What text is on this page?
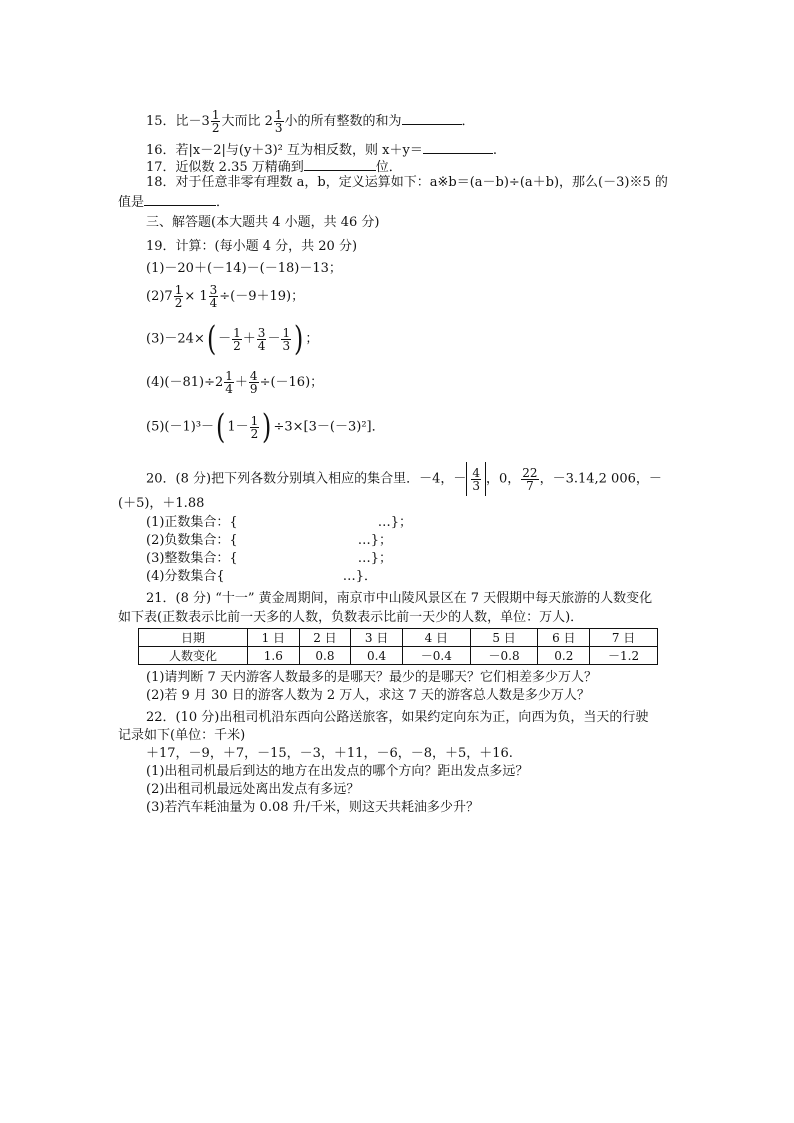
15．比$-3 \frac{1}{2}$ 大而比 $2 \frac{1}{3}$ 小的所有整数的和为	．
16．若|x－2|与(y＋3)² 互为相反数，则 x＋y＝	.
17．近似数 2.35 万精确到	位．
18．对于任意非零有理数 a，b，定义运算如下：a※b＝(a－b)÷(a＋b)，那么(－3)※5 的
值是	．
三、解答题(本大题共 4 小题，共 46 分)
19．计算：(每小题 4 分，共 20 分)
(1)－20＋(－14)－(－18)－13；
$(2)7 \frac{1}{2} \times 1 \frac{3}{4} \div(-9+19)$；
$(3)-24\times( - \frac{1}{2} + \frac{3}{4} - \frac{1}{3}$ ) ；
$(4)(-81)\div 2 \frac{1}{4} + \frac{4}{9} \div(-16)$；
(5)(－1)³－( $1- \frac{1}{2}$ ) ÷3×[3－(－3)²]．
20．(8 分)把下列各数分别填入相应的集合里．－4，－ $\frac{4}{3}$ ，0， $\frac{22}{7}$ ，－3.14,2 006，－
(＋5)，＋1.88
(1)正数集合：{	…}；
(2)负数集合：{	…}；
(3)整数集合：{	…}；
(4)分数集合{	…}．
21．(8 分) “十一” 黄金周期间，南京市中山陵风景区在 7 天假期中每天旅游的人数变化
如下表(正数表示比前一天多的人数，负数表示比前一天少的人数，单位：万人)．
日期	1 日	2 日	3 日	4 日	5 日	6 日	7 日
人数变化	1.6	0.8	0.4	－0.4	－0.8	0.2	－1.2
(1)请判断 7 天内游客人数最多的是哪天？最少的是哪天？它们相差多少万人？
(2)若 9 月 30 日的游客人数为 2 万人，求这 7 天的游客总人数是多少万人？
22．(10 分)出租司机沿东西向公路送旅客，如果约定向东为正，向西为负，当天的行驶
记录如下(单位：千米)
＋17，－9，＋7，－15，－3，＋11，－6，－8，＋5，＋16.
(1)出租司机最后到达的地方在出发点的哪个方向？距出发点多远？
(2)出租司机最远处离出发点有多远？
(3)若汽车耗油量为 0.08 升/千米，则这天共耗油多少升？
